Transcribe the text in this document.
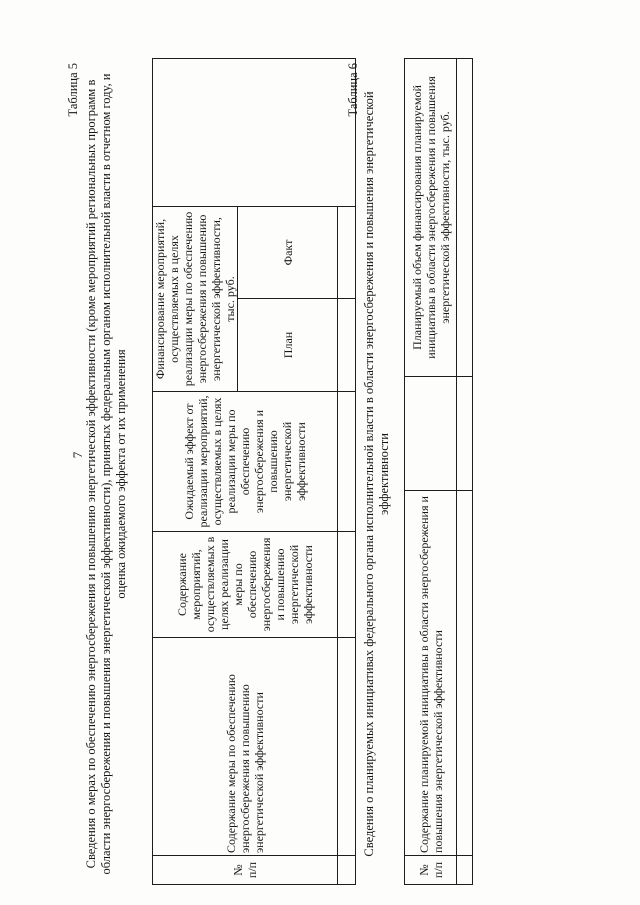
7
Таблица 5 Сведения о мерах по обеспечению энергосбережения и повышению энергетической эффективности (кроме мероприятий региональных программ в области энергосбережения и повышения энергетической эффективности), принятых федеральным органом исполнительной власти в отчетном году, и оценка ожидаемого эффекта от их применения
№ п/п	Содержание меры по обеспечению энергосбережения и повышению энергетической эффективности	Содержание мероприятий, осуществляемых в целях реализации меры по обеспечению энергосбережения и повышению энергетической эффективности	Ожидаемый эффект от реализации мероприятий, осуществляемых в целях реализации меры по обеспечению энергосбережения и повышению энергетической эффективности	Финансирование мероприятий, осуществляемых в целях реализации меры по обеспечению энергосбережения и повышению энергетической эффективности, тыс. руб.		
				План	Факт	

Таблица 6
Сведения о планируемых инициативах федерального органа исполнительной власти в области энергосбережения и повышения энергетической эффективности
№ п/п	Содержание планируемой инициативы в области энергосбережения и повышения энергетической эффективности		Планируемый объем финансирования планируемой инициативы в области энергосбережения и повышения энергетической эффективности, тыс. руб.
